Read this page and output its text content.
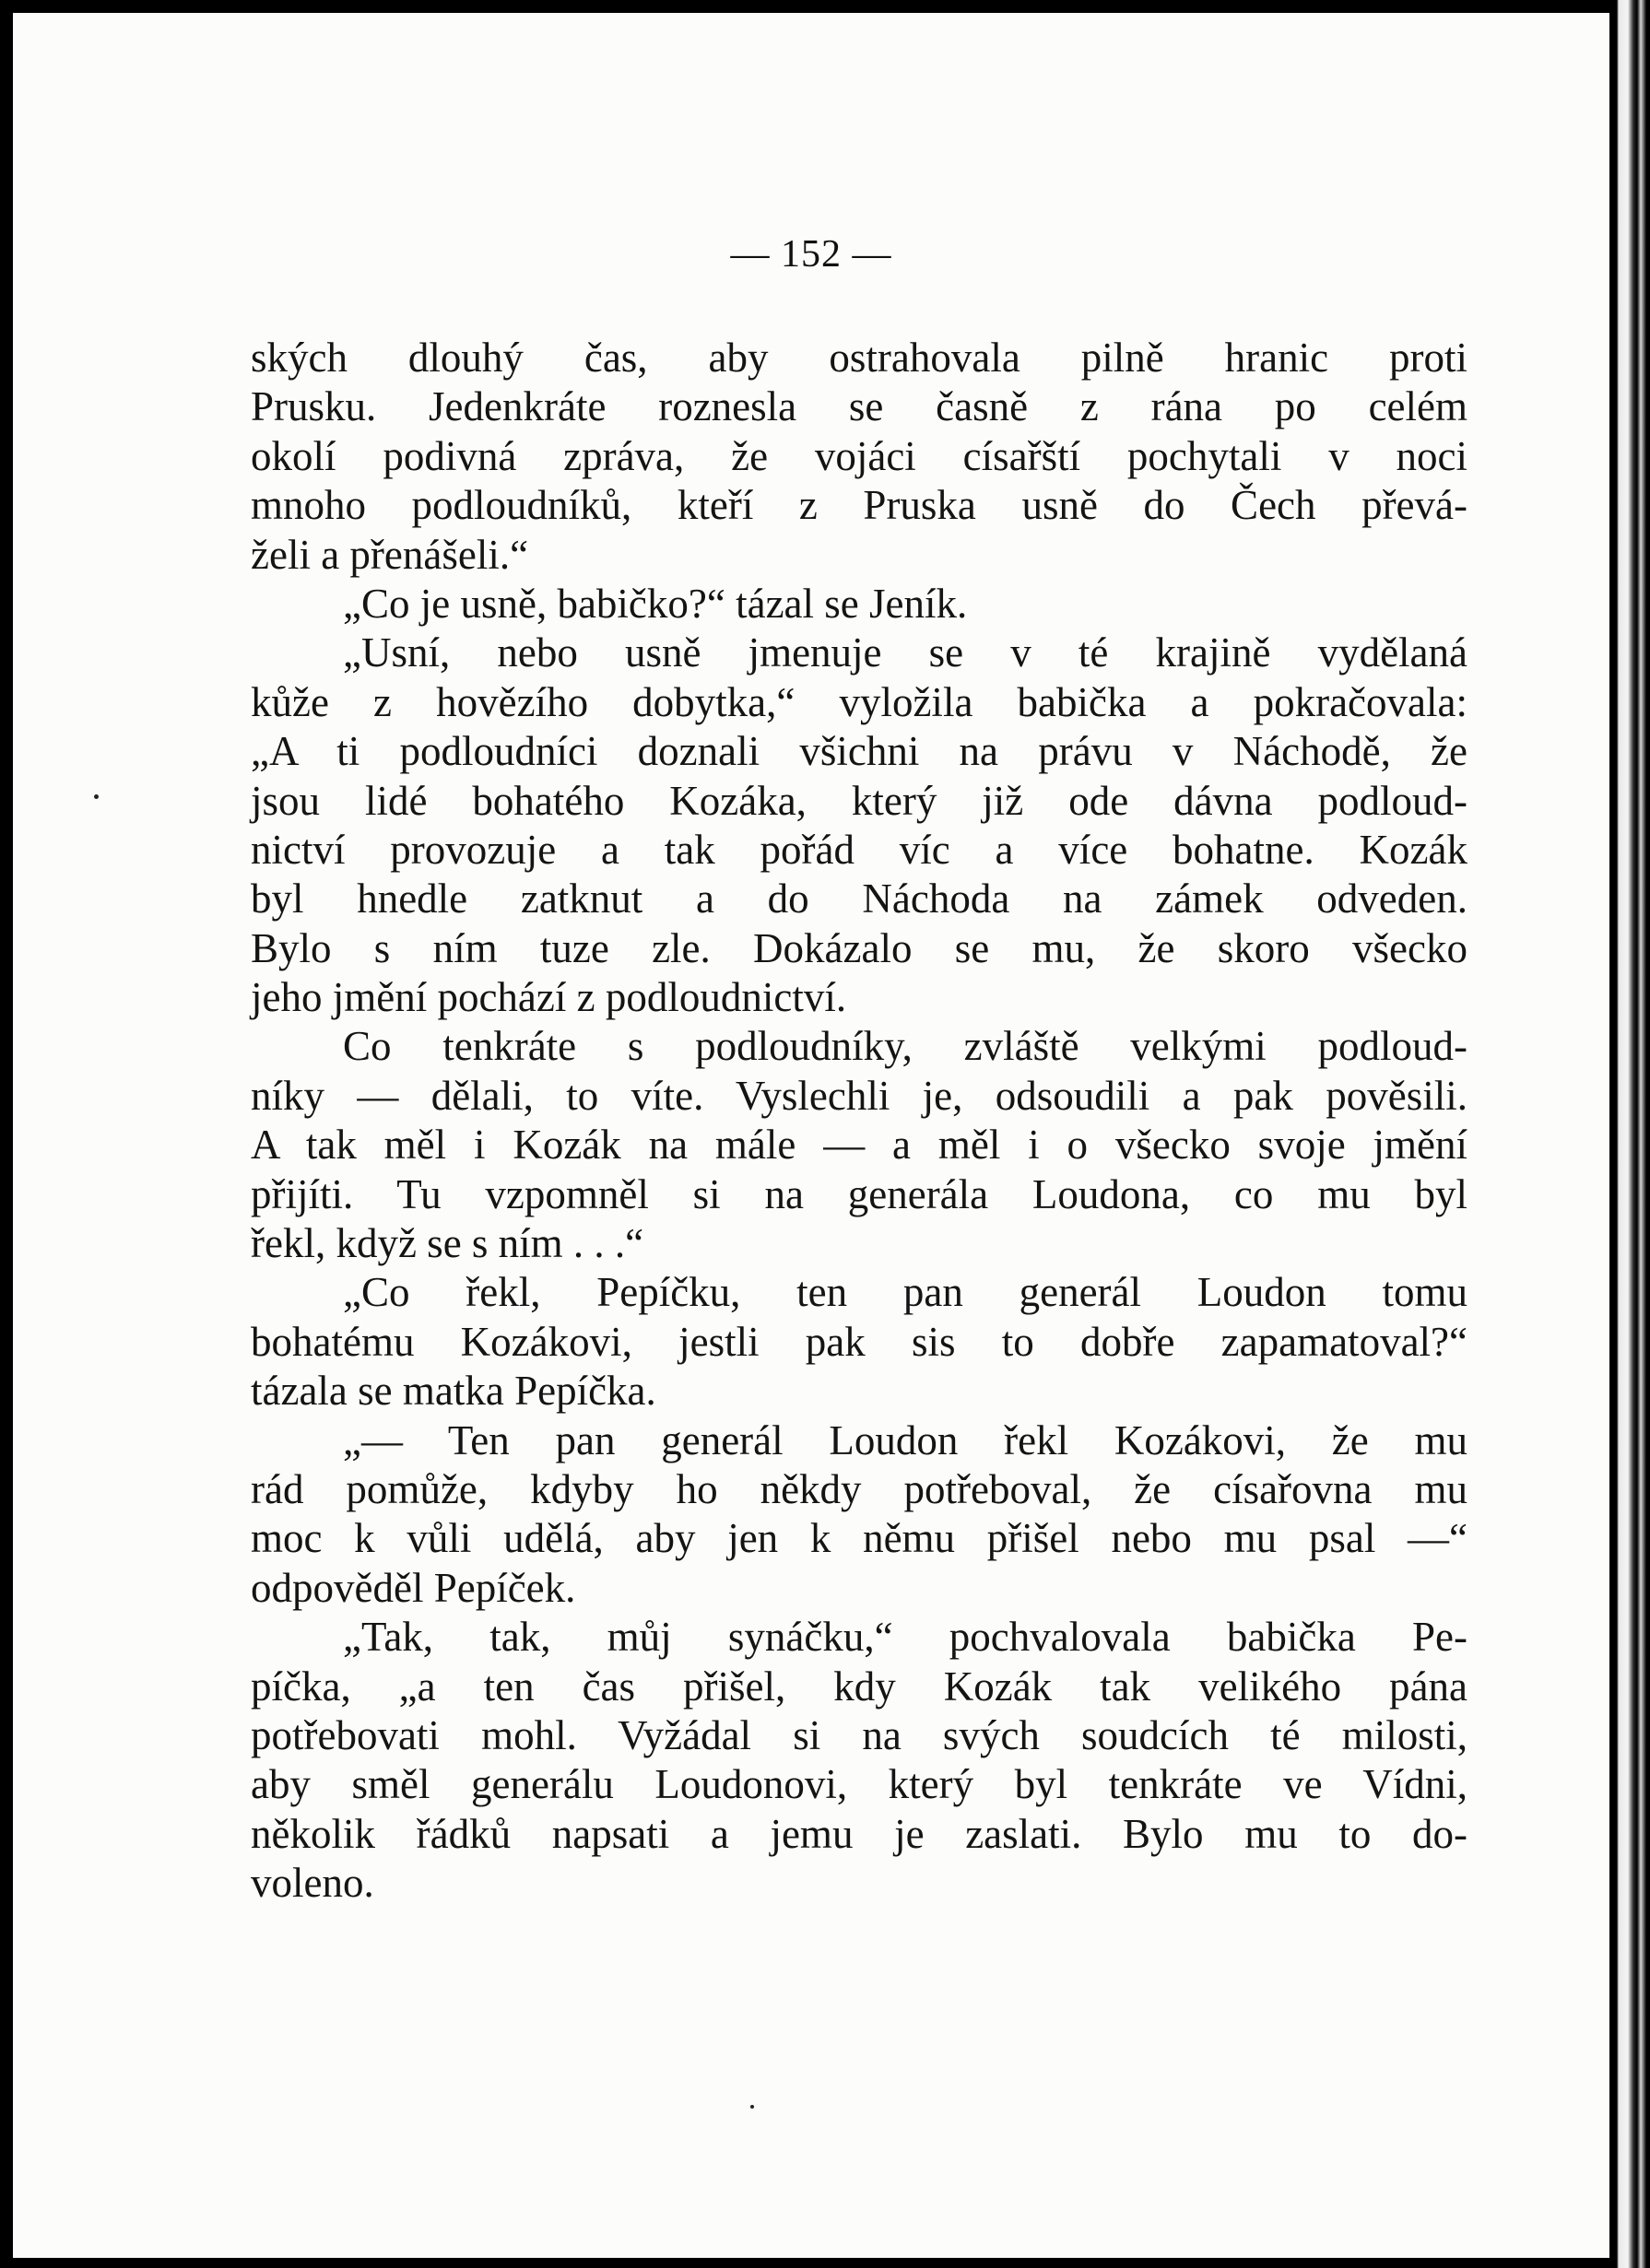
— 152 —
ských dlouhý čas, aby ostrahovala pilně hranic proti
Prusku. Jedenkráte roznesla se časně z rána po celém
okolí podivná zpráva, že vojáci císařští pochytali v noci
mnoho podloudníků, kteří z Pruska usně do Čech převá-
želi a přenášeli.“
„Co je usně, babičko?“ tázal se Jeník.
„Usní, nebo usně jmenuje se v té krajině vydělaná
kůže z hovězího dobytka,“ vyložila babička a pokračovala:
„A ti podloudníci doznali všichni na právu v Náchodě, že
jsou lidé bohatého Kozáka, který již ode dávna podloud-
nictví provozuje a tak pořád víc a více bohatne. Kozák
byl hnedle zatknut a do Náchoda na zámek odveden.
Bylo s ním tuze zle. Dokázalo se mu, že skoro všecko
jeho jmění pochází z podloudnictví.
Co tenkráte s podloudníky, zvláště velkými podloud-
níky — dělali, to víte. Vyslechli je, odsoudili a pak pověsili.
A tak měl i Kozák na mále — a měl i o všecko svoje jmění
přijíti. Tu vzpomněl si na generála Loudona, co mu byl
řekl, když se s ním . . .“
„Co řekl, Pepíčku, ten pan generál Loudon tomu
bohatému Kozákovi, jestli pak sis to dobře zapamatoval?“
tázala se matka Pepíčka.
„— Ten pan generál Loudon řekl Kozákovi, že mu
rád pomůže, kdyby ho někdy potřeboval, že císařovna mu
moc k vůli udělá, aby jen k němu přišel nebo mu psal —“
odpověděl Pepíček.
„Tak, tak, můj synáčku,“ pochvalovala babička Pe-
píčka, „a ten čas přišel, kdy Kozák tak velikého pána
potřebovati mohl. Vyžádal si na svých soudcích té milosti,
aby směl generálu Loudonovi, který byl tenkráte ve Vídni,
několik řádků napsati a jemu je zaslati. Bylo mu to do-
voleno.
